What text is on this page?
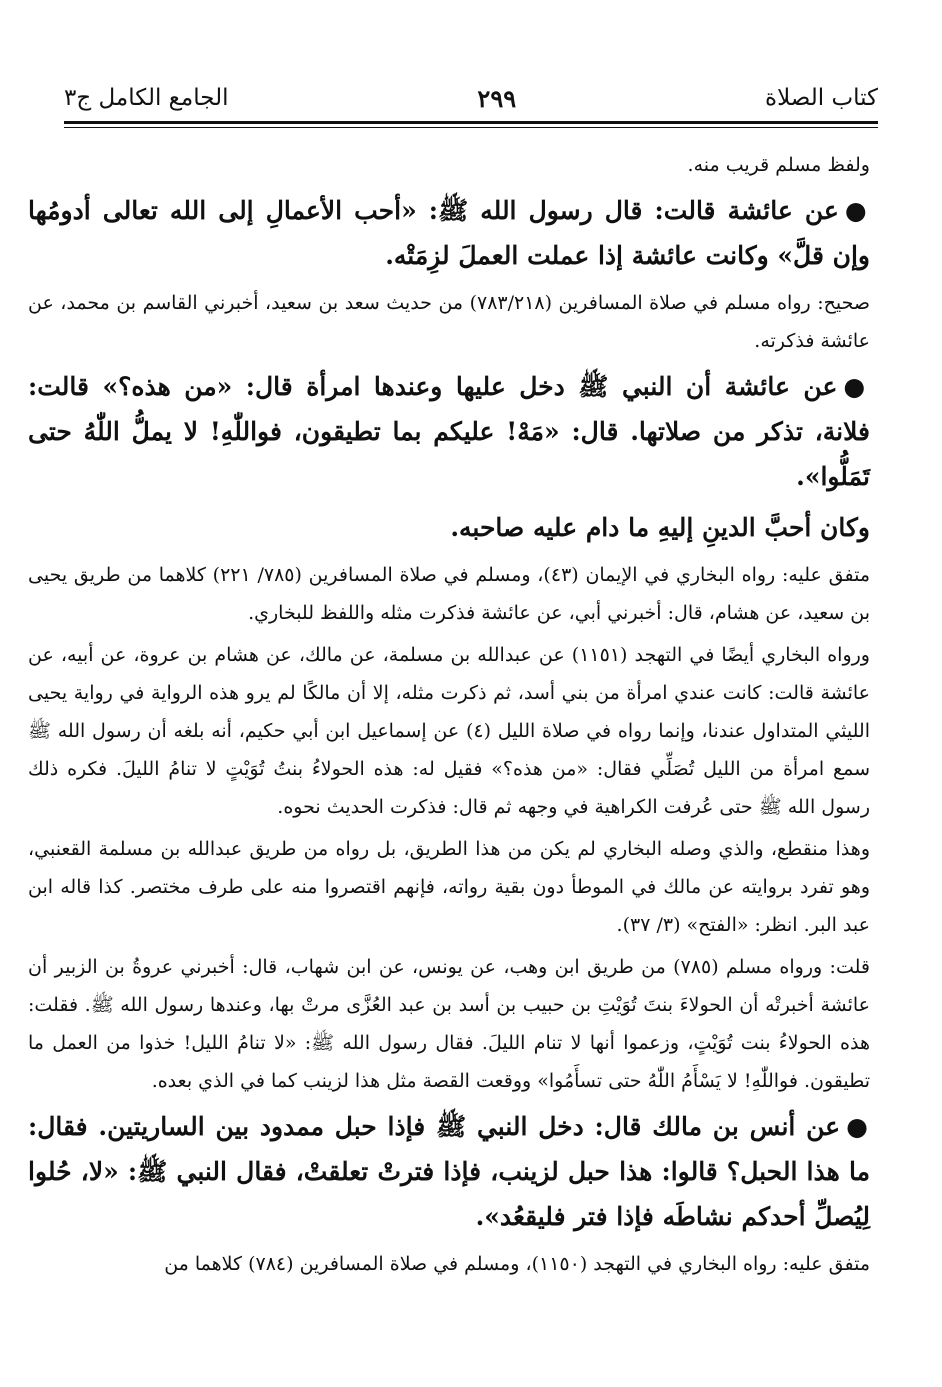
كتاب الصلاة
٢٩٩
الجامع الكامل ج٣

ولفظ مسلم قريب منه.

●عن عائشة قالت: قال رسول الله ﷺ: «أحب الأعمالِ إلى الله تعالى أدومُها وإن قلَّ» وكانت عائشة إذا عملت العملَ لزِمَتْه.

صحيح: رواه مسلم في صلاة المسافرين (٧٨٣/٢١٨) من حديث سعد بن سعيد، أخبرني القاسم بن محمد، عن عائشة فذكرته.

●عن عائشة أن النبي ﷺ دخل عليها وعندها امرأة قال: «من هذه؟» قالت: فلانة، تذكر من صلاتها. قال: «مَهْ! عليكم بما تطيقون، فواللّٰهِ! لا يملُّ اللّٰهُ حتى تَمَلُّوا».

وكان أحبَّ الدينِ إليهِ ما دام عليه صاحبه.

متفق عليه: رواه البخاري في الإيمان (٤٣)، ومسلم في صلاة المسافرين (٧٨٥/ ٢٢١) كلاهما من طريق يحيى بن سعيد، عن هشام، قال: أخبرني أبي، عن عائشة فذكرت مثله واللفظ للبخاري.

ورواه البخاري أيضًا في التهجد (١١٥١) عن عبدالله بن مسلمة، عن مالك، عن هشام بن عروة، عن أبيه، عن عائشة قالت: كانت عندي امرأة من بني أسد، ثم ذكرت مثله، إلا أن مالكًا لم يرو هذه الرواية في رواية يحيى الليثي المتداول عندنا، وإنما رواه في صلاة الليل (٤) عن إسماعيل ابن أبي حكيم، أنه بلغه أن رسول الله ﷺ سمع امرأة من الليل تُصَلِّي فقال: «من هذه؟» فقيل له: هذه الحولاءُ بنتُ تُوَيْتٍ لا تنامُ الليلَ. فكره ذلك رسول الله ﷺ حتى عُرفت الكراهية في وجهه ثم قال: فذكرت الحديث نحوه.

وهذا منقطع، والذي وصله البخاري لم يكن من هذا الطريق، بل رواه من طريق عبدالله بن مسلمة القعنبي، وهو تفرد بروايته عن مالك في الموطأ دون بقية رواته، فإنهم اقتصروا منه على طرف مختصر. كذا قاله ابن عبد البر. انظر: «الفتح» (٣/ ٣٧).

قلت: ورواه مسلم (٧٨٥) من طريق ابن وهب، عن يونس، عن ابن شهاب، قال: أخبرني عروةُ بن الزبير أن عائشة أخبرتْه أن الحولاءَ بنتَ تُوَيْتِ بن حبيب بن أسد بن عبد العُزَّى مرتْ بها، وعندها رسول الله ﷺ. فقلت: هذه الحولاءُ بنت تُوَيْتٍ، وزعموا أنها لا تنام الليلَ. فقال رسول الله ﷺ: «لا تنامُ الليل! خذوا من العمل ما تطيقون. فواللّٰهِ! لا يَسْأَمُ اللّٰهُ حتى تسأَمُوا» ووقعت القصة مثل هذا لزينب كما في الذي بعده.

●عن أنس بن مالك قال: دخل النبي ﷺ فإذا حبل ممدود بين الساريتين. فقال: ما هذا الحبل؟ قالوا: هذا حبل لزينب، فإذا فترتْ تعلقتْ، فقال النبي ﷺ: «لا، حُلوا لِيُصلِّ أحدكم نشاطَه فإذا فتر فليقعُد».

متفق عليه: رواه البخاري في التهجد (١١٥٠)، ومسلم في صلاة المسافرين (٧٨٤) كلاهما من
